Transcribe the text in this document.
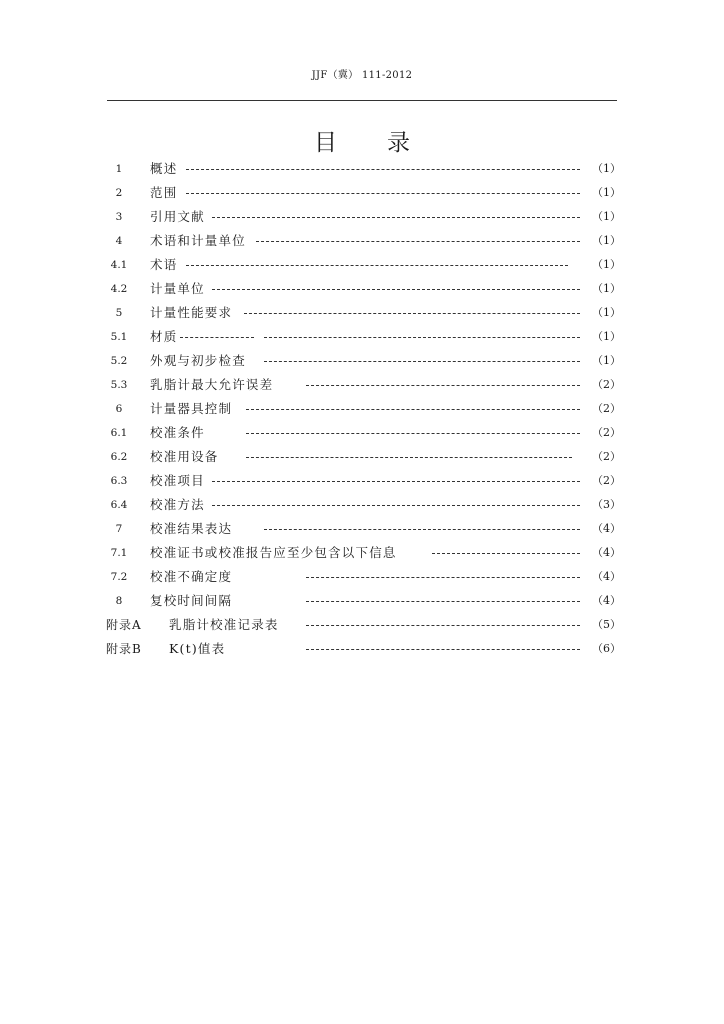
JJF（冀） 111-2012
目录
1	概述	（1）
2	范围	（1）
3	引用文献	（1）
4	术语和计量单位	（1）
4.1	术语	（1）
4.2	计量单位	（1）
5	计量性能要求	（1）
5.1	材质	（1）
5.2	外观与初步检查	（1）
5.3	乳脂计最大允许误差	（2）
6	计量器具控制	（2）
6.1	校准条件	（2）
6.2	校准用设备	（2）
6.3	校准项目	（2）
6.4	校准方法	（3）
7	校准结果表达	（4）
7.1	校准证书或校准报告应至少包含以下信息	（4）
7.2	校准不确定度	（4）
8	复校时间间隔	（4）
附录A 乳脂计校准记录表	（5）
附录B K(t)值表	（6）
